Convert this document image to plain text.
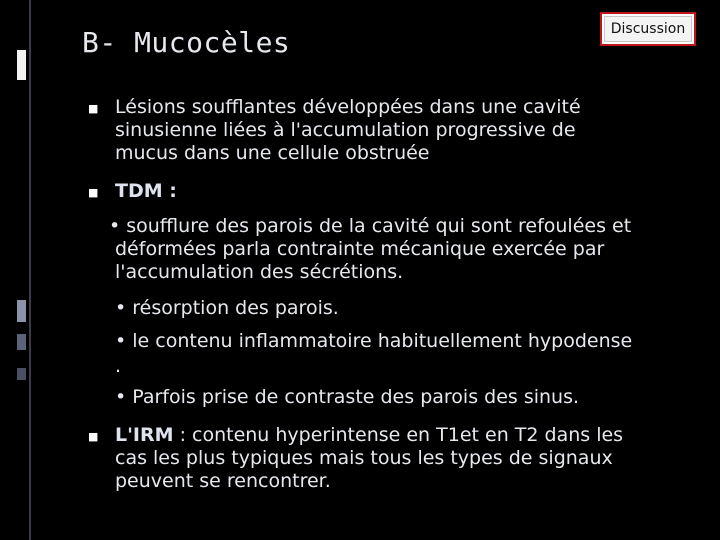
B- Mucocèles	Discussion
■ Lésions soufflantes développées dans une cavité
sinusienne liées à l'accumulation progressive de
mucus dans une cellule obstruée
■ TDM :
• soufflure des parois de la cavité qui sont refoulées et
déformées parla contrainte mécanique exercée par
l'accumulation des sécrétions.
• résorption des parois.
• le contenu inflammatoire habituellement hypodense
.
• Parfois prise de contraste des parois des sinus.
■ L'IRM : contenu hyperintense en T1et en T2 dans les
cas les plus typiques mais tous les types de signaux
peuvent se rencontrer.
